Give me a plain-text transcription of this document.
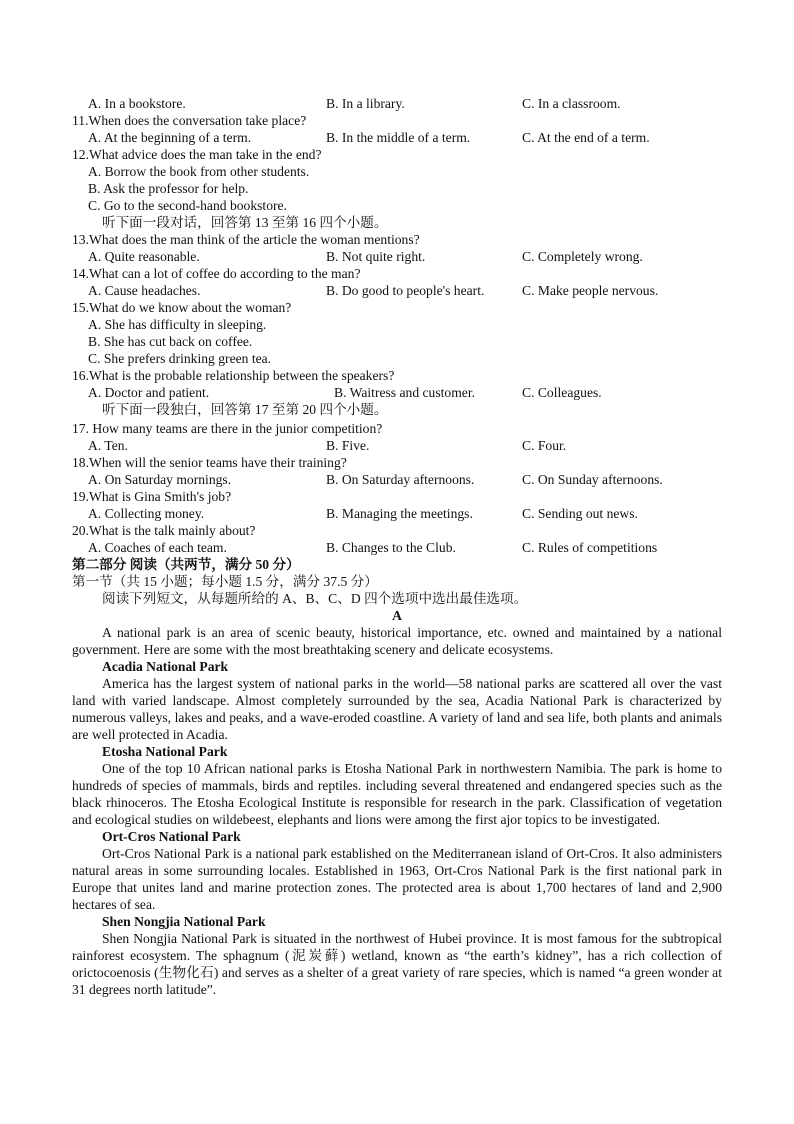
A. In a bookstore.	B. In a library.	C. In a classroom.
11.When does the conversation take place?
A. At the beginning of a term.	B. In the middle of a term.	C. At the end of a term.
12.What advice does the man take in the end?
A. Borrow the book from other students.
B. Ask the professor for help.
C. Go to the second-hand bookstore.
听下面一段对话，回答第 13 至第 16 四个小题。
13.What does the man think of the article the woman mentions?
A. Quite reasonable.	B. Not quite right.	C. Completely wrong.
14.What can a lot of coffee do according to the man?
A. Cause headaches.	B. Do good to people's heart.	C. Make people nervous.
15.What do we know about the woman?
A. She has difficulty in sleeping.
B. She has cut back on coffee.
C. She prefers drinking green tea.
16.What is the probable relationship between the speakers?
A. Doctor and patient.	B. Waitress and customer.	C. Colleagues.
听下面一段独白，回答第 17 至第 20 四个小题。
17. How many teams are there in the junior competition?
A. Ten.	B. Five.	C. Four.
18.When will the senior teams have their training?
A. On Saturday mornings.	B. On Saturday afternoons.	C. On Sunday afternoons.
19.What is Gina Smith's job?
A. Collecting money.	B. Managing the meetings.	C. Sending out news.
20.What is the talk mainly about?
A. Coaches of each team.	B. Changes to the Club.	C. Rules of competitions
第二部分 阅读（共两节，满分 50 分）
第一节（共 15 小题；每小题 1.5 分，满分 37.5 分）
阅读下列短文，从每题所给的 A、B、C、D 四个选项中选出最佳选项。
A

A national park is an area of scenic beauty, historical importance, etc. owned and maintained by a national government. Here are some with the most breathtaking scenery and delicate ecosystems.

Acadia National Park

America has the largest system of national parks in the world—58 national parks are scattered all over the vast land with varied landscape. Almost completely surrounded by the sea, Acadia National Park is characterized by numerous valleys, lakes and peaks, and a wave-eroded coastline. A variety of land and sea life, both plants and animals are well protected in Acadia.

Etosha National Park

One of the top 10 African national parks is Etosha National Park in northwestern Namibia. The park is home to hundreds of species of mammals, birds and reptiles. including several threatened and endangered species such as the black rhinoceros. The Etosha Ecological Institute is responsible for research in the park. Classification of vegetation and ecological studies on wildebeest, elephants and lions were among the first ajor topics to be investigated.

Ort-Cros National Park

Ort-Cros National Park is a national park established on the Mediterranean island of Ort-Cros. It also administers natural areas in some surrounding locales. Established in 1963, Ort-Cros National Park is the first national park in Europe that unites land and marine protection zones. The protected area is about 1,700 hectares of land and 2,900 hectares of sea.

Shen Nongjia National Park

Shen Nongjia National Park is situated in the northwest of Hubei province. It is most famous for the subtropical rainforest ecosystem. The sphagnum (泥炭藓) wetland, known as “the earth’s kidney”, has a rich collection of orictocoenosis (生物化石) and serves as a shelter of a great variety of rare species, which is named “a green wonder at 31 degrees north latitude”.
